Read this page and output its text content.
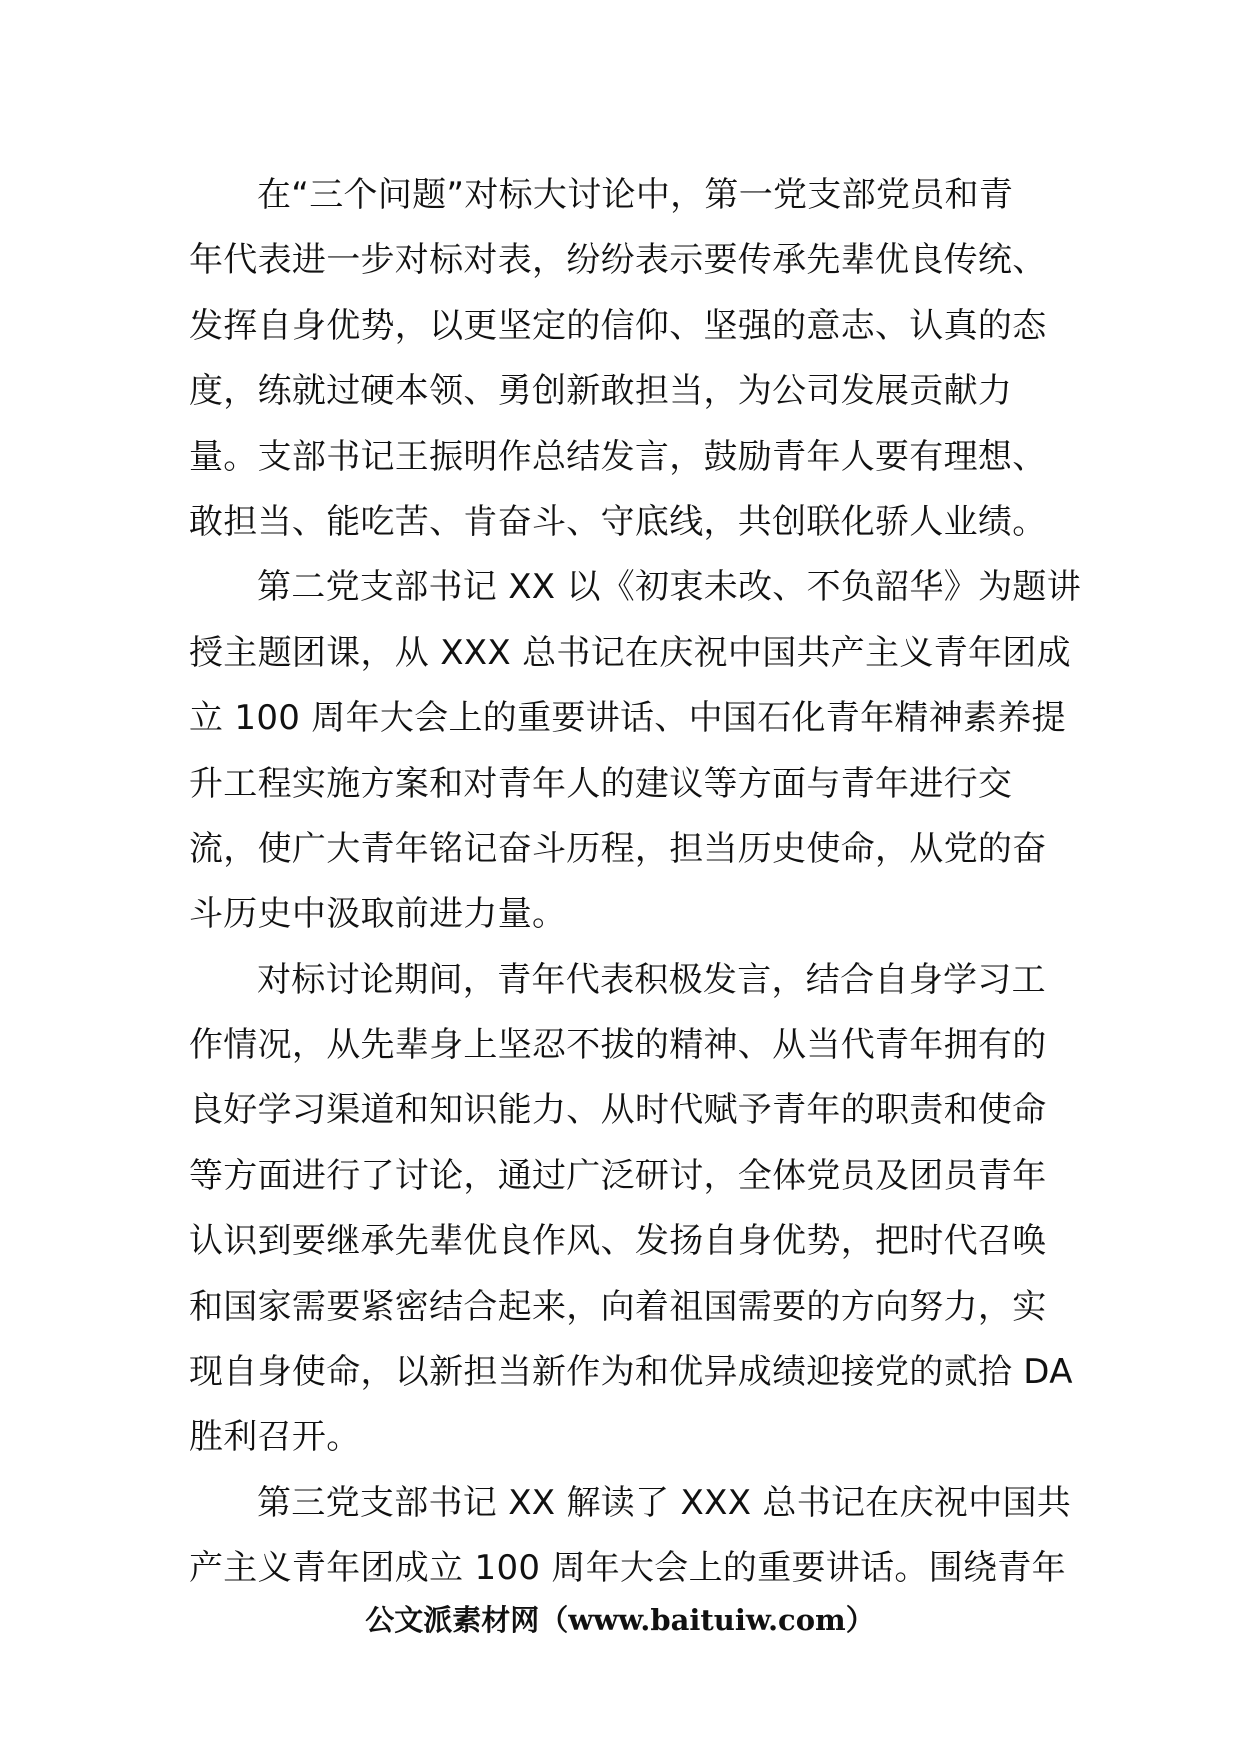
在“三个问题”对标大讨论中，第一党支部党员和青
年代表进一步对标对表，纷纷表示要传承先辈优良传统、
发挥自身优势，以更坚定的信仰、坚强的意志、认真的态
度，练就过硬本领、勇创新敢担当，为公司发展贡献力
量。支部书记王振明作总结发言，鼓励青年人要有理想、
敢担当、能吃苦、肯奋斗、守底线，共创联化骄人业绩。
第二党支部书记 XX 以《初衷未改、不负韶华》为题讲
授主题团课，从 XXX 总书记在庆祝中国共产主义青年团成
立 100 周年大会上的重要讲话、中国石化青年精神素养提
升工程实施方案和对青年人的建议等方面与青年进行交
流，使广大青年铭记奋斗历程，担当历史使命，从党的奋
斗历史中汲取前进力量。
对标讨论期间，青年代表积极发言，结合自身学习工
作情况，从先辈身上坚忍不拔的精神、从当代青年拥有的
良好学习渠道和知识能力、从时代赋予青年的职责和使命
等方面进行了讨论，通过广泛研讨，全体党员及团员青年
认识到要继承先辈优良作风、发扬自身优势，把时代召唤
和国家需要紧密结合起来，向着祖国需要的方向努力，实
现自身使命，以新担当新作为和优异成绩迎接党的贰拾 DA
胜利召开。
第三党支部书记 XX 解读了 XXX 总书记在庆祝中国共
产主义青年团成立 100 周年大会上的重要讲话。围绕青年
公文派素材网（www.baituiw.com）
